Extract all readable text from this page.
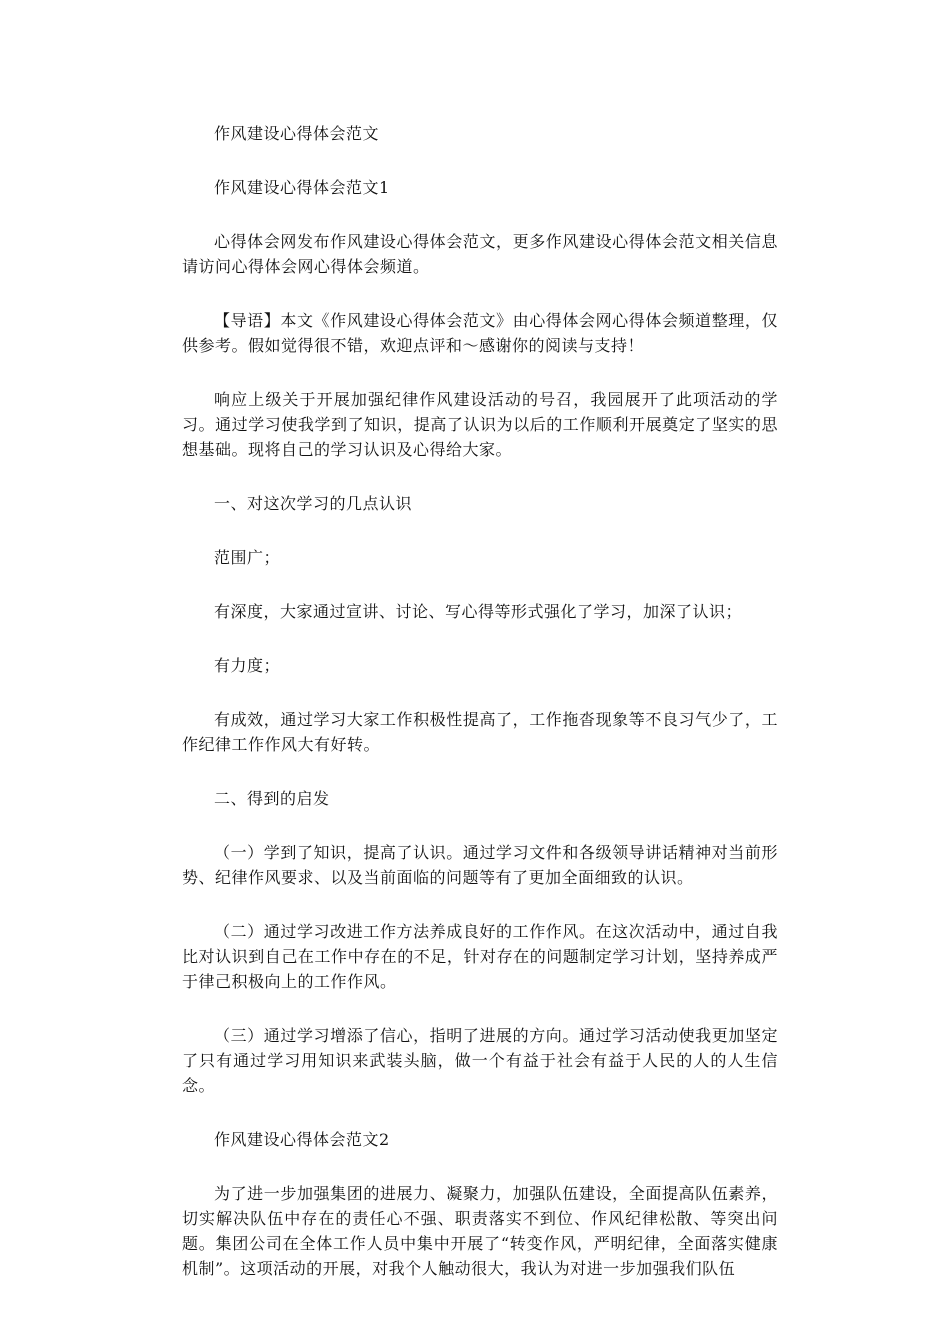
作风建设心得体会范文

作风建设心得体会范文1

心得体会网发布作风建设心得体会范文，更多作风建设心得体会范文相关信息请访问心得体会网心得体会频道。

【导语】本文《作风建设心得体会范文》由心得体会网心得体会频道整理，仅供参考。假如觉得很不错，欢迎点评和～感谢你的阅读与支持！

响应上级关于开展加强纪律作风建设活动的号召，我园展开了此项活动的学习。通过学习使我学到了知识，提高了认识为以后的工作顺利开展奠定了坚实的思想基础。现将自己的学习认识及心得给大家。

一、对这次学习的几点认识

范围广；

有深度，大家通过宣讲、讨论、写心得等形式强化了学习，加深了认识；

有力度；

有成效，通过学习大家工作积极性提高了，工作拖沓现象等不良习气少了，工作纪律工作作风大有好转。

二、得到的启发

（一）学到了知识，提高了认识。通过学习文件和各级领导讲话精神对当前形势、纪律作风要求、以及当前面临的问题等有了更加全面细致的认识。

（二）通过学习改进工作方法养成良好的工作作风。在这次活动中，通过自我比对认识到自己在工作中存在的不足，针对存在的问题制定学习计划，坚持养成严于律己积极向上的工作作风。

（三）通过学习增添了信心，指明了进展的方向。通过学习活动使我更加坚定了只有通过学习用知识来武装头脑，做一个有益于社会有益于人民的人的人生信念。

作风建设心得体会范文2

为了进一步加强集团的进展力、凝聚力，加强队伍建设，全面提高队伍素养，切实解决队伍中存在的责任心不强、职责落实不到位、作风纪律松散、等突出问题。集团公司在全体工作人员中集中开展了“转变作风，严明纪律，全面落实健康机制”。这项活动的开展，对我个人触动很大，我认为对进一步加强我们队伍
